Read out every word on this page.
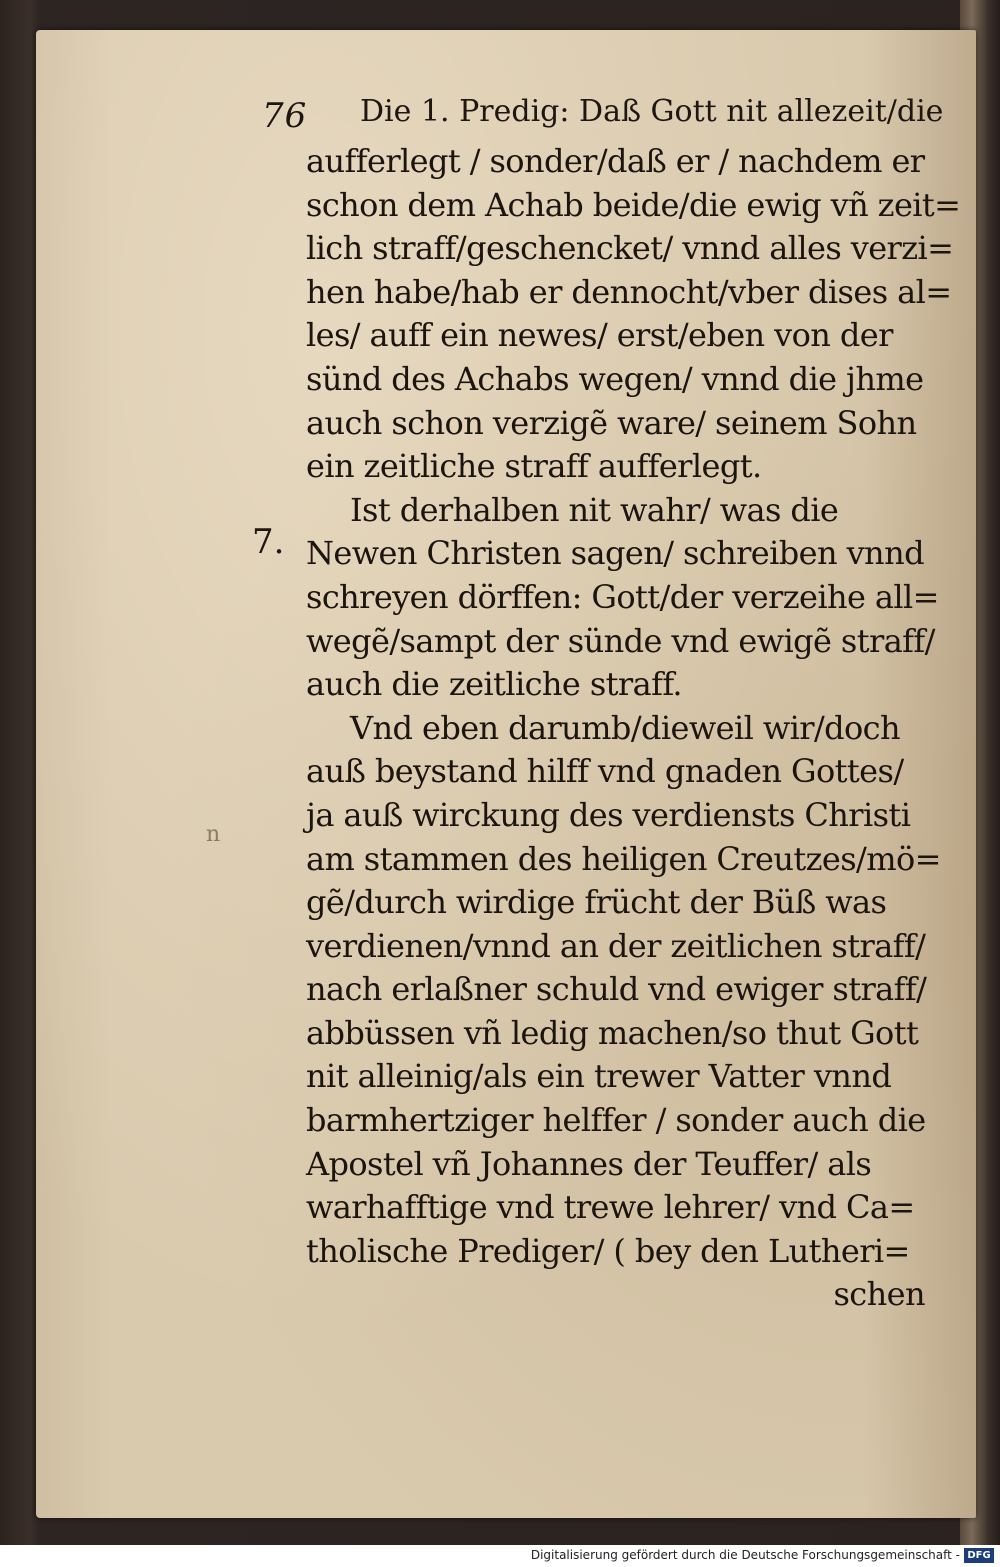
76 Die 1. Predig: Daß Gott nit allezeit/die
7.
n
aufferlegt / sonder/daß er / nachdem er
schon dem Achab beide/die ewig vñ zeit=
lich straff/geschencket/ vnnd alles verzi=
hen habe/hab er dennocht/vber dises al=
les/ auff ein newes/ erst/eben von der
sünd des Achabs wegen/ vnnd die jhme
auch schon verzigẽ ware/ seinem Sohn
ein zeitliche straff aufferlegt.
Ist derhalben nit wahr/ was die
Newen Christen sagen/ schreiben vnnd
schreyen dörffen: Gott/der verzeihe all=
wegẽ/sampt der sünde vnd ewigẽ straff/
auch die zeitliche straff.
Vnd eben darumb/dieweil wir/doch
auß beystand hilff vnd gnaden Gottes/
ja auß wirckung des verdiensts Christi
am stammen des heiligen Creutzes/mö=
gẽ/durch wirdige frücht der Büß was
verdienen/vnnd an der zeitlichen straff/
nach erlaßner schuld vnd ewiger straff/
abbüssen vñ ledig machen/so thut Gott
nit alleinig/als ein trewer Vatter vnnd
barmhertziger helffer / sonder auch die
Apostel vñ Johannes der Teuffer/ als
warhafftige vnd trewe lehrer/ vnd Ca=
tholische Prediger/ ( bey den Lutheri=
schen
Digitalisierung gefördert durch die Deutsche Forschungsgemeinschaft - DFG
